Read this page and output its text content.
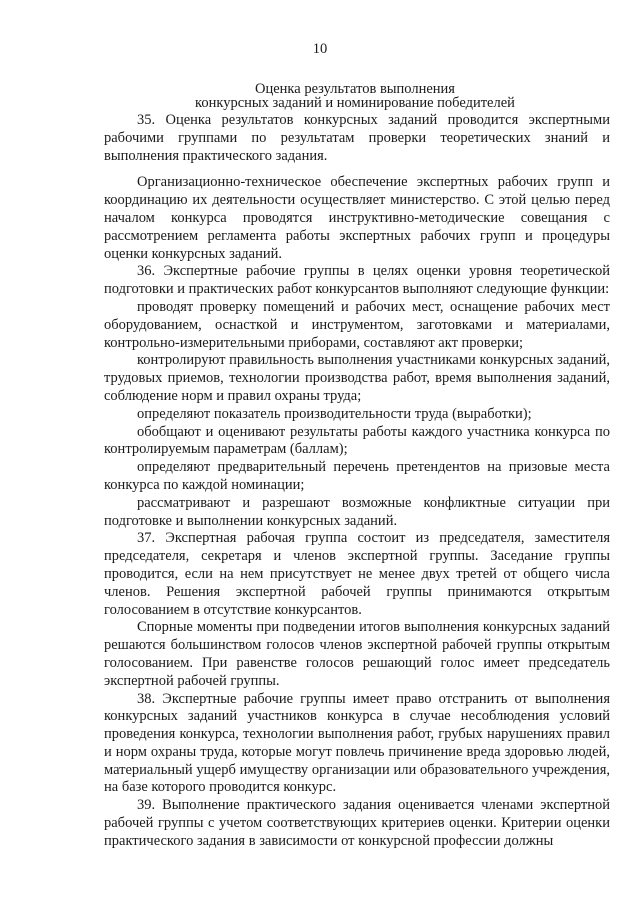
10
Оценка результатов выполнения
конкурсных заданий и номинирование победителей

35. Оценка результатов конкурсных заданий проводится экспертными рабочими группами по результатам проверки теоретических знаний и выполнения практического задания.

Организационно-техническое обеспечение экспертных рабочих групп и координацию их деятельности осуществляет министерство. С этой целью перед началом конкурса проводятся инструктивно-методические совещания с рассмотрением регламента работы экспертных рабочих групп и процедуры оценки конкурсных заданий.

36. Экспертные рабочие группы в целях оценки уровня теоретической подготовки и практических работ конкурсантов выполняют следующие функции:

проводят проверку помещений и рабочих мест, оснащение рабочих мест оборудованием, оснасткой и инструментом, заготовками и материалами, контрольно-измерительными приборами, составляют акт проверки;

контролируют правильность выполнения участниками конкурсных заданий, трудовых приемов, технологии производства работ, время выполнения заданий, соблюдение норм и правил охраны труда;

определяют показатель производительности труда (выработки);

обобщают и оценивают результаты работы каждого участника конкурса по контролируемым параметрам (баллам);

определяют предварительный перечень претендентов на призовые места конкурса по каждой номинации;

рассматривают и разрешают возможные конфликтные ситуации при подготовке и выполнении конкурсных заданий.

37. Экспертная рабочая группа состоит из председателя, заместителя председателя, секретаря и членов экспертной группы. Заседание группы проводится, если на нем присутствует не менее двух третей от общего числа членов. Решения экспертной рабочей группы принимаются открытым голосованием в отсутствие конкурсантов.

Спорные моменты при подведении итогов выполнения конкурсных заданий решаются большинством голосов членов экспертной рабочей группы открытым голосованием. При равенстве голосов решающий голос имеет председатель экспертной рабочей группы.

38. Экспертные рабочие группы имеет право отстранить от выполнения конкурсных заданий участников конкурса в случае несоблюдения условий проведения конкурса, технологии выполнения работ, грубых нарушениях правил и норм охраны труда, которые могут повлечь причинение вреда здоровью людей, материальный ущерб имуществу организации или образовательного учреждения, на базе которого проводится конкурс.

39. Выполнение практического задания оценивается членами экспертной рабочей группы с учетом соответствующих критериев оценки. Критерии оценки практического задания в зависимости от конкурсной профессии должны
